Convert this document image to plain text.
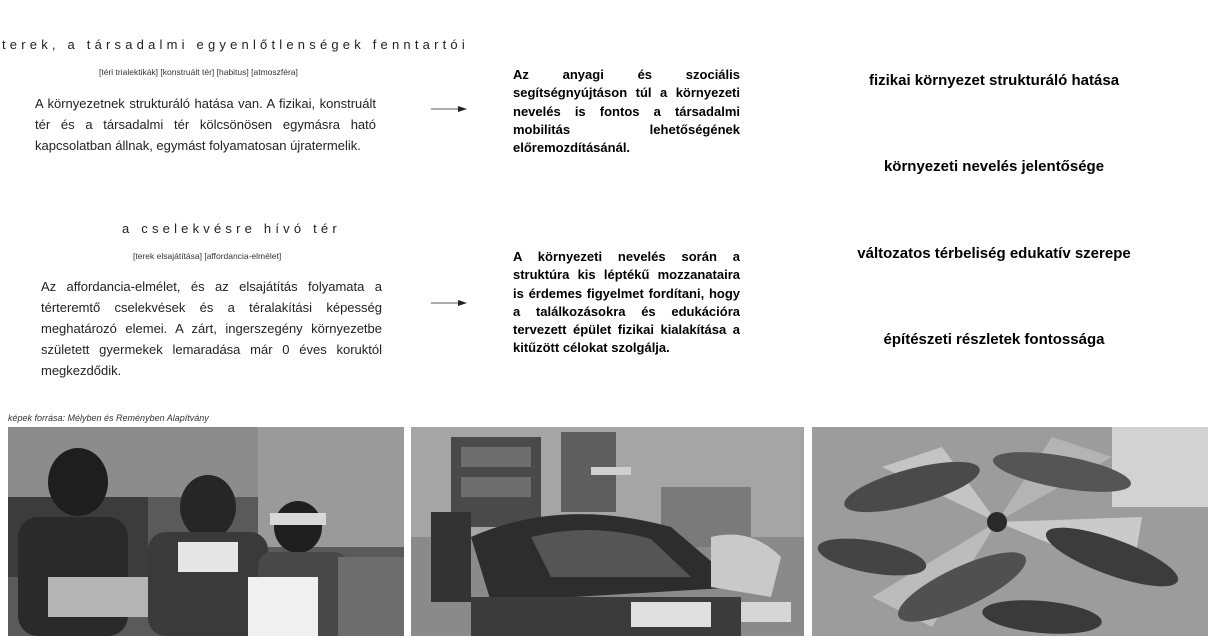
terek, a társadalmi egyenlőtlenségek fenntartói
[téri trialektikák] [konstruált tér] [habitus] [atmoszféra]
A környezetnek strukturáló hatása van. A fizikai, konstruált tér és a társadalmi tér kölcsönösen egymásra ható kapcsolatban állnak, egymást folyamatosan újratermelik.
Az anyagi és szociális segítségnyújtáson túl a környezeti nevelés is fontos a társadalmi mobilitás lehetőségének előremozdításánál.
a cselekvésre hívó tér
[terek elsajátítása] [affordancia-elmélet]
Az affordancia-elmélet, és az elsajátítás folyamata a térteremtő cselekvések és a téralakítási képesség meghatározó elemei. A zárt, ingerszegény környezetbe született gyermekek lemaradása már 0 éves koruktól megkezdődik.
A környezeti nevelés során a struktúra kis léptékű mozzanataira is érdemes figyelmet fordítani, hogy a találkozásokra és edukációra tervezett épület fizikai kialakítása a kitűzött célokat szolgálja.
fizikai környezet strukturáló hatása
környezeti nevelés jelentősége
változatos térbeliség edukatív szerepe
építészeti részletek fontossága
képek forrása: Mélyben és Reményben Alapítvány
